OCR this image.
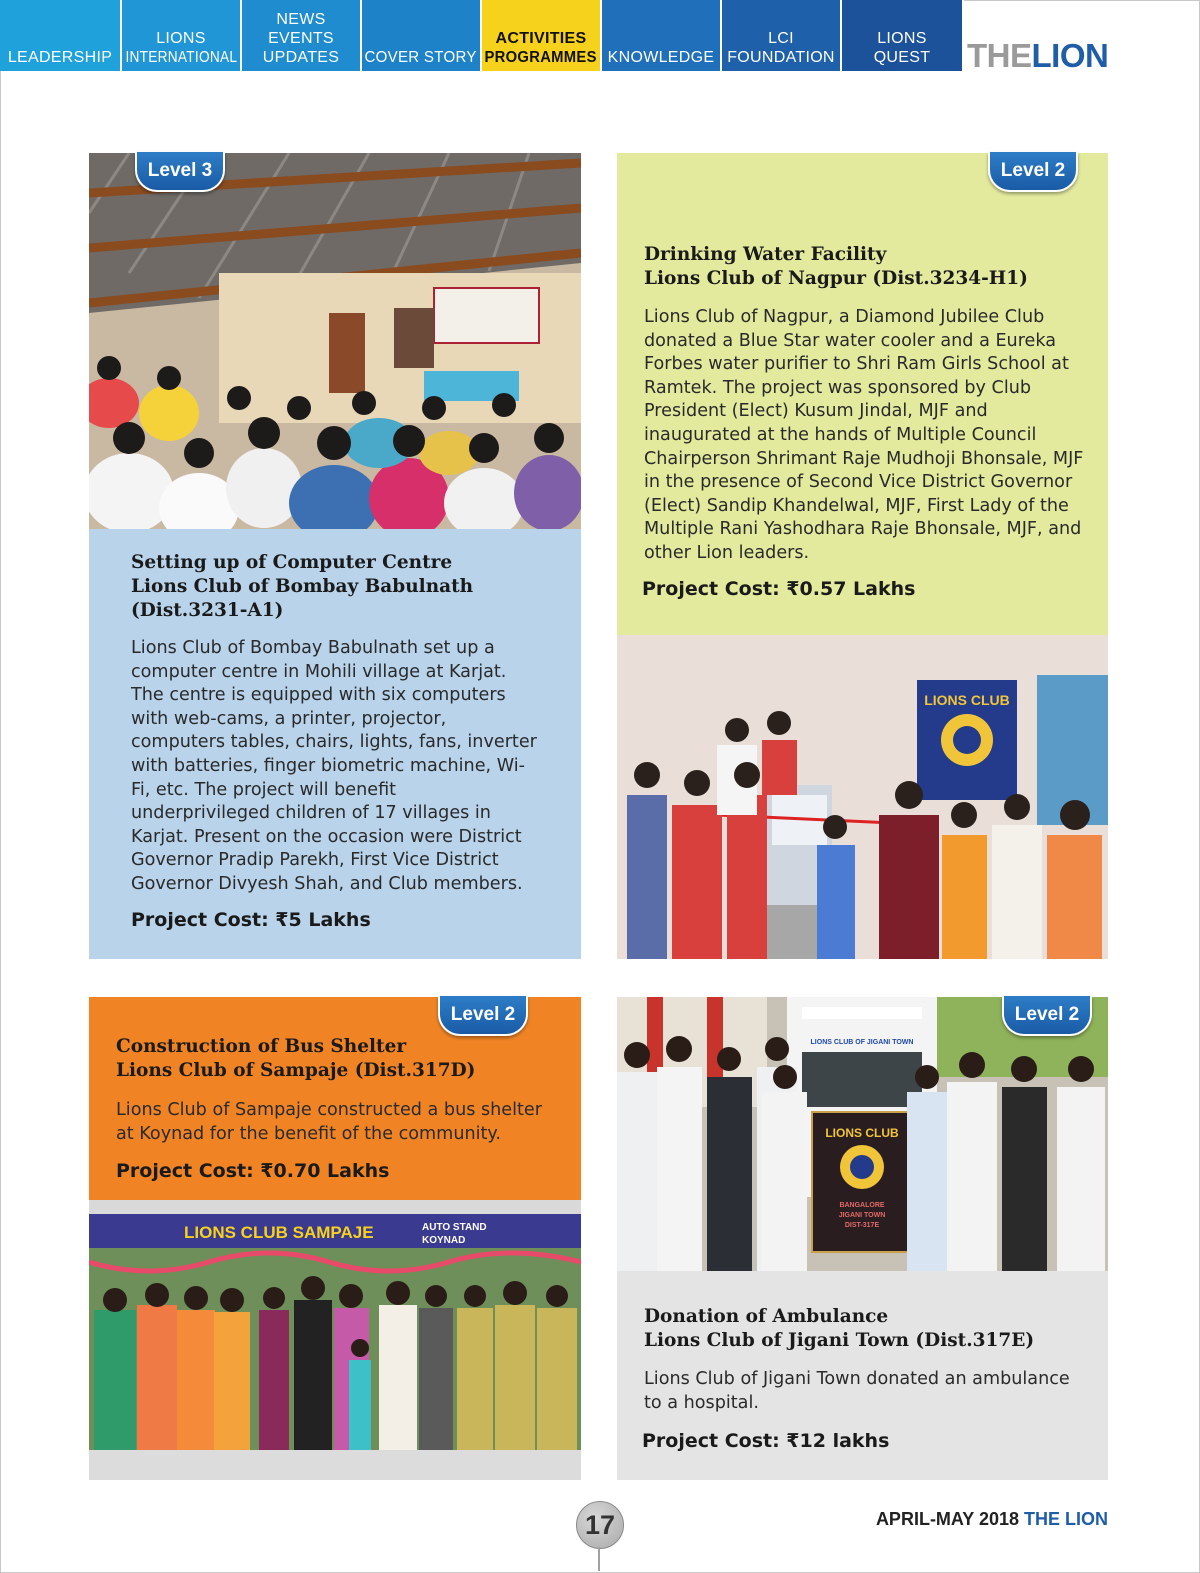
LEADERSHIP
LIONS
INTERNATIONAL
NEWS
EVENTS
UPDATES COVER STORY
ACTIVITIES
PROGRAMMES KNOWLEDGE
LCI
FOUNDATION
LIONS
QUEST THELION
Level 3
Setting up of Computer Centre
Lions Club of Bombay Babulnath
(Dist.3231-A1)
Lions Club of Bombay Babulnath set up a computer centre in Mohili village at Karjat. The centre is equipped with six computers with web-cams, a printer, projector, computers tables, chairs, lights, fans, inverter with batteries, finger biometric machine, Wi-Fi, etc. The project will benefit underprivileged children of 17 villages in Karjat. Present on the occasion were District Governor Pradip Parekh, First Vice District Governor Divyesh Shah, and Club members.
Project Cost: ₹5 Lakhs
Level 2
Drinking Water Facility
Lions Club of Nagpur (Dist.3234-H1)
Lions Club of Nagpur, a Diamond Jubilee Club donated a Blue Star water cooler and a Eureka Forbes water purifier to Shri Ram Girls School at Ramtek. The project was sponsored by Club President (Elect) Kusum Jindal, MJF and inaugurated at the hands of Multiple Council Chairperson Shrimant Raje Mudhoji Bhonsale, MJF in the presence of Second Vice District Governor (Elect) Sandip Khandelwal, MJF, First Lady of the Multiple Rani Yashodhara Raje Bhonsale, MJF, and other Lion leaders.
Project Cost: ₹0.57 Lakhs
LIONS CLUB
Level 2
Construction of Bus Shelter
Lions Club of Sampaje (Dist.317D)
Lions Club of Sampaje constructed a bus shelter at Koynad for the benefit of the community.
Project Cost: ₹0.70 Lakhs
LIONS CLUB SAMPAJE	AUTO STAND
KOYNAD
LIONS CLUB OF JIGANI TOWN
LIONS CLUB
BANGALORE
JIGANI TOWN
DIST-317E
Level 2
Donation of Ambulance
Lions Club of Jigani Town (Dist.317E)
Lions Club of Jigani Town donated an ambulance to a hospital.
Project Cost: ₹12 lakhs
17	APRIL-MAY 2018 THE LION
